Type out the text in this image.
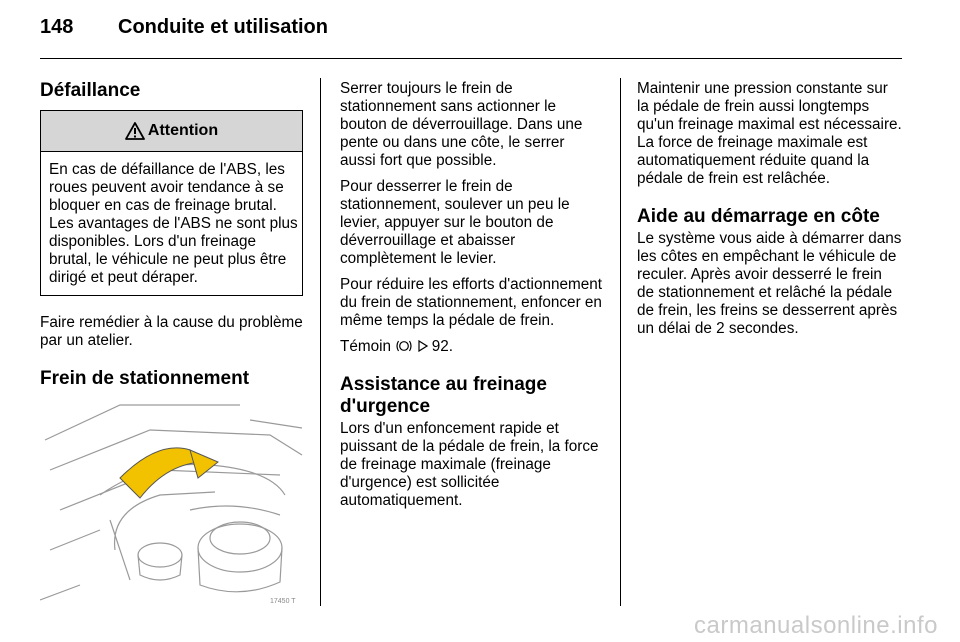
148 Conduite et utilisation
Défaillance
Attention
En cas de défaillance de l'ABS, les roues peuvent avoir tendance à se bloquer en cas de freinage brutal. Les avantages de l'ABS ne sont plus disponibles. Lors d'un freinage brutal, le véhicule ne peut plus être dirigé et peut déraper.

Faire remédier à la cause du problème par un atelier.

Frein de stationnement
17450 T

Serrer toujours le frein de stationnement sans actionner le bouton de déverrouillage. Dans une pente ou dans une côte, le serrer aussi fort que possible.

Pour desserrer le frein de stationnement, soulever un peu le levier, appuyer sur le bouton de déverrouillage et abaisser complètement le levier.

Pour réduire les efforts d'actionnement du frein de stationnement, enfoncer en même temps la pédale de frein.

Témoin	92.

Assistance au freinage d'urgence

Lors d'un enfoncement rapide et puissant de la pédale de frein, la force de freinage maximale (freinage d'urgence) est sollicitée automatiquement.

Maintenir une pression constante sur la pédale de frein aussi longtemps qu'un freinage maximal est nécessaire. La force de freinage maximale est automatiquement réduite quand la pédale de frein est relâchée.

Aide au démarrage en côte

Le système vous aide à démarrer dans les côtes en empêchant le véhicule de reculer. Après avoir desserré le frein de stationnement et relâché la pédale de frein, les freins se desserrent après un délai de 2 secondes.

carmanualsonline.info
